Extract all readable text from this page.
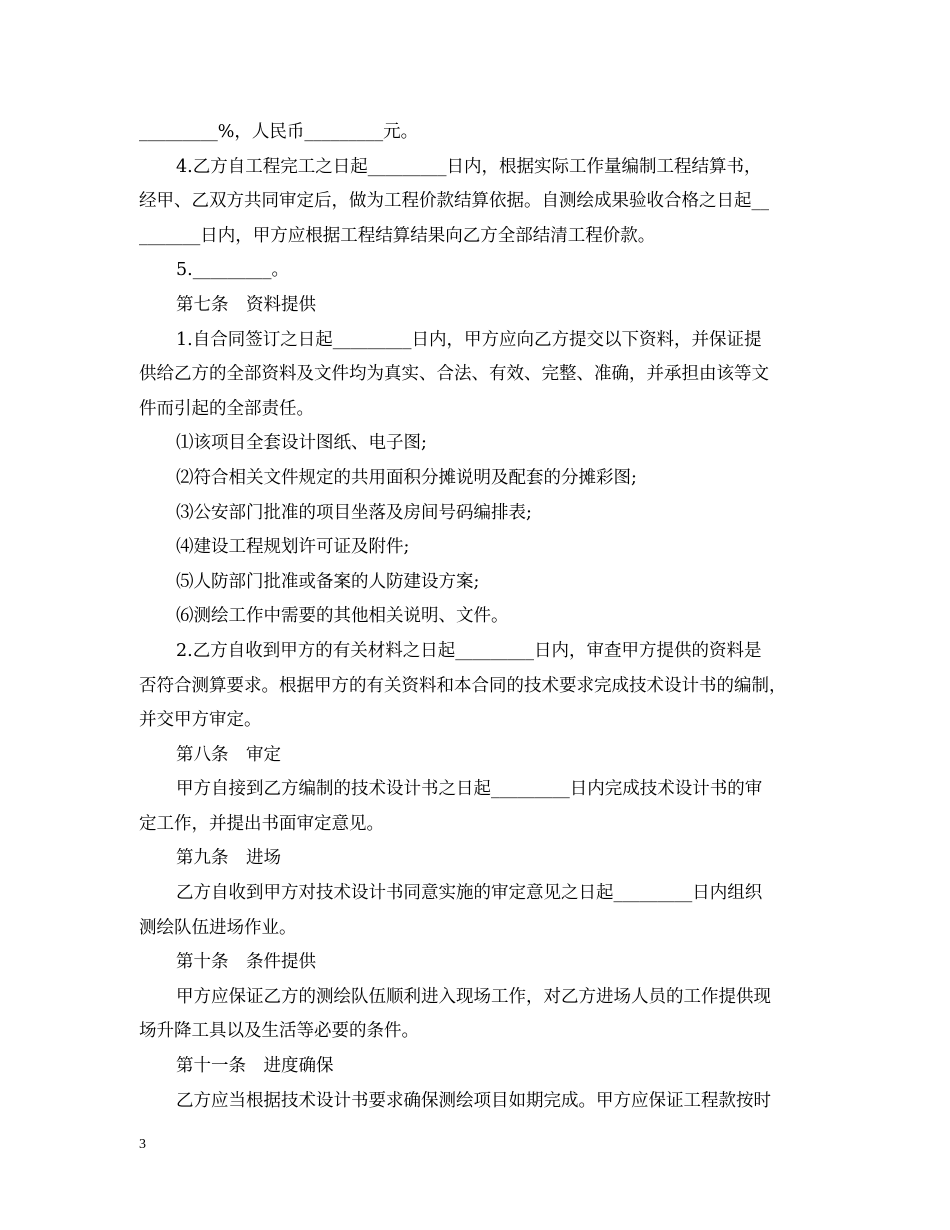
_________%，人民币_________元。

4.乙方自工程完工之日起_________日内，根据实际工作量编制工程结算书，

经甲、乙双方共同审定后，做为工程价款结算依据。自测绘成果验收合格之日起__

_______日内，甲方应根据工程结算结果向乙方全部结清工程价款。

5._________。

第七条　资料提供

1.自合同签订之日起_________日内，甲方应向乙方提交以下资料，并保证提

供给乙方的全部资料及文件均为真实、合法、有效、完整、准确，并承担由该等文

件而引起的全部责任。

⑴该项目全套设计图纸、电子图;

⑵符合相关文件规定的共用面积分摊说明及配套的分摊彩图;

⑶公安部门批准的项目坐落及房间号码编排表;

⑷建设工程规划许可证及附件;

⑸人防部门批准或备案的人防建设方案;

⑹测绘工作中需要的其他相关说明、文件。

2.乙方自收到甲方的有关材料之日起_________日内，审查甲方提供的资料是

否符合测算要求。根据甲方的有关资料和本合同的技术要求完成技术设计书的编制，

并交甲方审定。

第八条　审定

甲方自接到乙方编制的技术设计书之日起_________日内完成技术设计书的审

定工作，并提出书面审定意见。

第九条　进场

乙方自收到甲方对技术设计书同意实施的审定意见之日起_________日内组织

测绘队伍进场作业。

第十条　条件提供

甲方应保证乙方的测绘队伍顺利进入现场工作，对乙方进场人员的工作提供现

场升降工具以及生活等必要的条件。

第十一条　进度确保

乙方应当根据技术设计书要求确保测绘项目如期完成。甲方应保证工程款按时

3
